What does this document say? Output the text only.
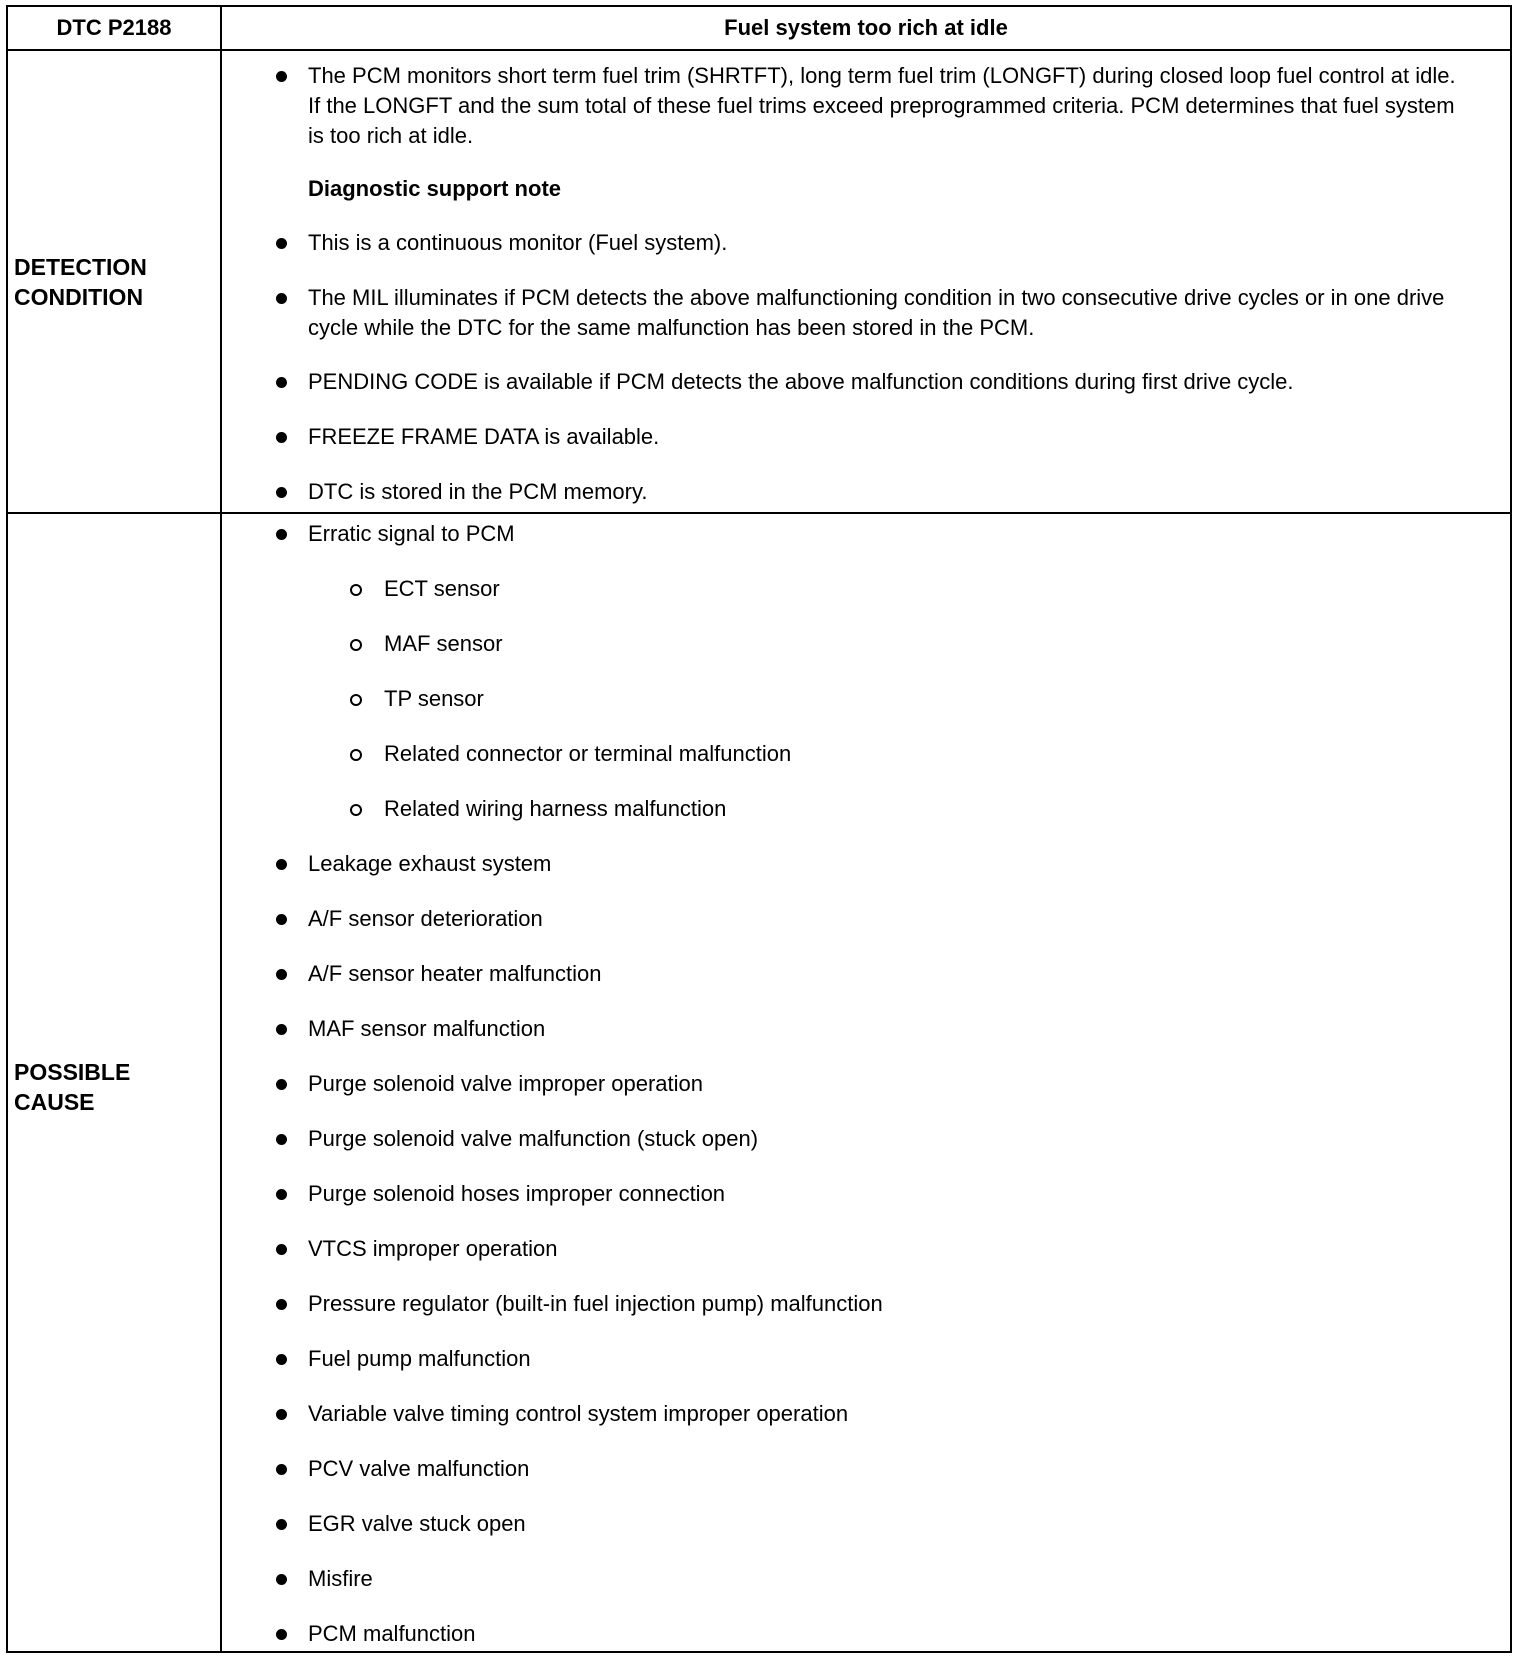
DTC P2188	Fuel system too rich at idle
DETECTION
CONDITION
POSSIBLE
CAUSE
The PCM monitors short term fuel trim (SHRTFT), long term fuel trim (LONGFT) during closed loop fuel control at idle. If the LONGFT and the sum total of these fuel trims exceed preprogrammed criteria. PCM determines that fuel system is too rich at idle.
Diagnostic support note
This is a continuous monitor (Fuel system).
The MIL illuminates if PCM detects the above malfunctioning condition in two consecutive drive cycles or in one drive cycle while the DTC for the same malfunction has been stored in the PCM.
PENDING CODE is available if PCM detects the above malfunction conditions during first drive cycle.
FREEZE FRAME DATA is available.
DTC is stored in the PCM memory.
Erratic signal to PCM
ECT sensor
MAF sensor
TP sensor
Related connector or terminal malfunction
Related wiring harness malfunction
Leakage exhaust system
A/F sensor deterioration
A/F sensor heater malfunction
MAF sensor malfunction
Purge solenoid valve improper operation
Purge solenoid valve malfunction (stuck open)
Purge solenoid hoses improper connection
VTCS improper operation
Pressure regulator (built-in fuel injection pump) malfunction
Fuel pump malfunction
Variable valve timing control system improper operation
PCV valve malfunction
EGR valve stuck open
Misfire
PCM malfunction
